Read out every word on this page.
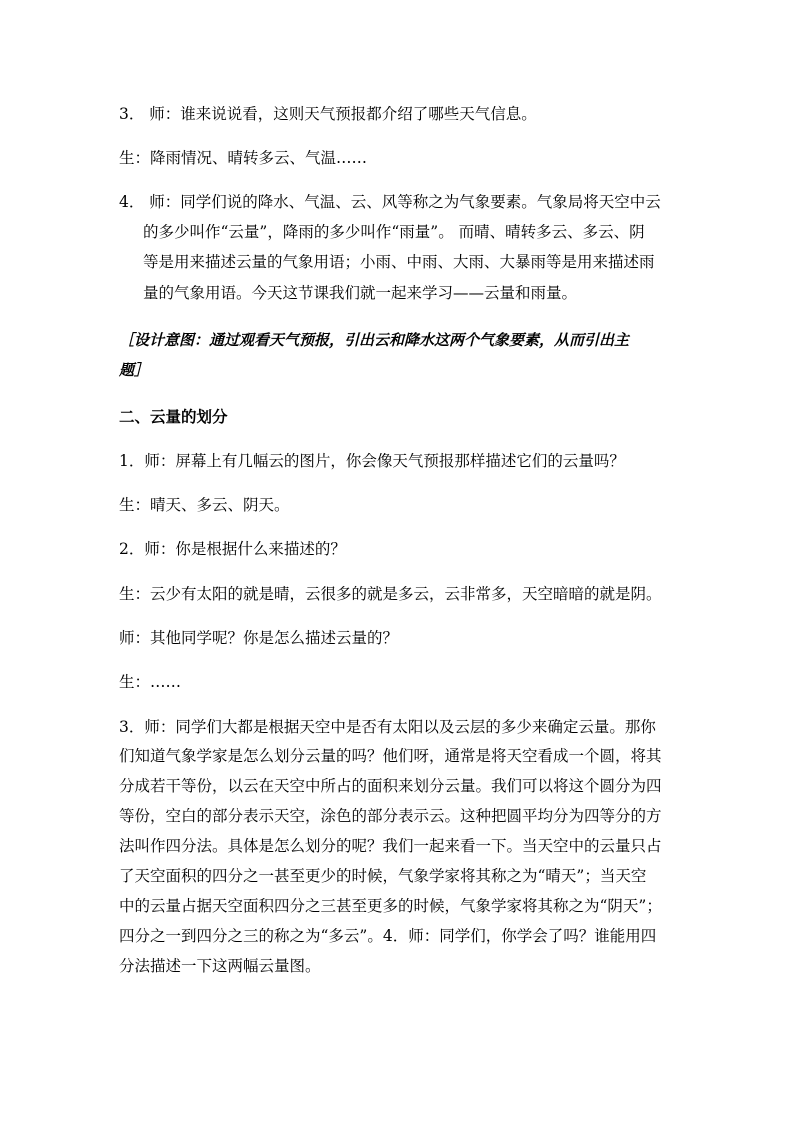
3． 师：谁来说说看，这则天气预报都介绍了哪些天气信息。
生：降雨情况、晴转多云、气温……
4． 师：同学们说的降水、气温、云、风等称之为气象要素。气象局将天空中云
的多少叫作“云量”，降雨的多少叫作“雨量”。 而晴、晴转多云、多云、阴
等是用来描述云量的气象用语；小雨、中雨、大雨、大暴雨等是用来描述雨
量的气象用语。今天这节课我们就一起来学习——云量和雨量。
［设计意图：通过观看天气预报，引出云和降水这两个气象要素，从而引出主
题］
二、云量的划分
1．师：屏幕上有几幅云的图片，你会像天气预报那样描述它们的云量吗？
生：晴天、多云、阴天。
2．师：你是根据什么来描述的？
生：云少有太阳的就是晴，云很多的就是多云，云非常多，天空暗暗的就是阴。
师：其他同学呢？你是怎么描述云量的？
生：……
3．师：同学们大都是根据天空中是否有太阳以及云层的多少来确定云量。那你
们知道气象学家是怎么划分云量的吗？他们呀，通常是将天空看成一个圆，将其
分成若干等份，以云在天空中所占的面积来划分云量。我们可以将这个圆分为四
等份，空白的部分表示天空，涂色的部分表示云。这种把圆平均分为四等分的方
法叫作四分法。具体是怎么划分的呢？我们一起来看一下。当天空中的云量只占
了天空面积的四分之一甚至更少的时候，气象学家将其称之为“晴天”；当天空
中的云量占据天空面积四分之三甚至更多的时候，气象学家将其称之为“阴天”；
四分之一到四分之三的称之为“多云”。4．师：同学们，你学会了吗？谁能用四
分法描述一下这两幅云量图。
